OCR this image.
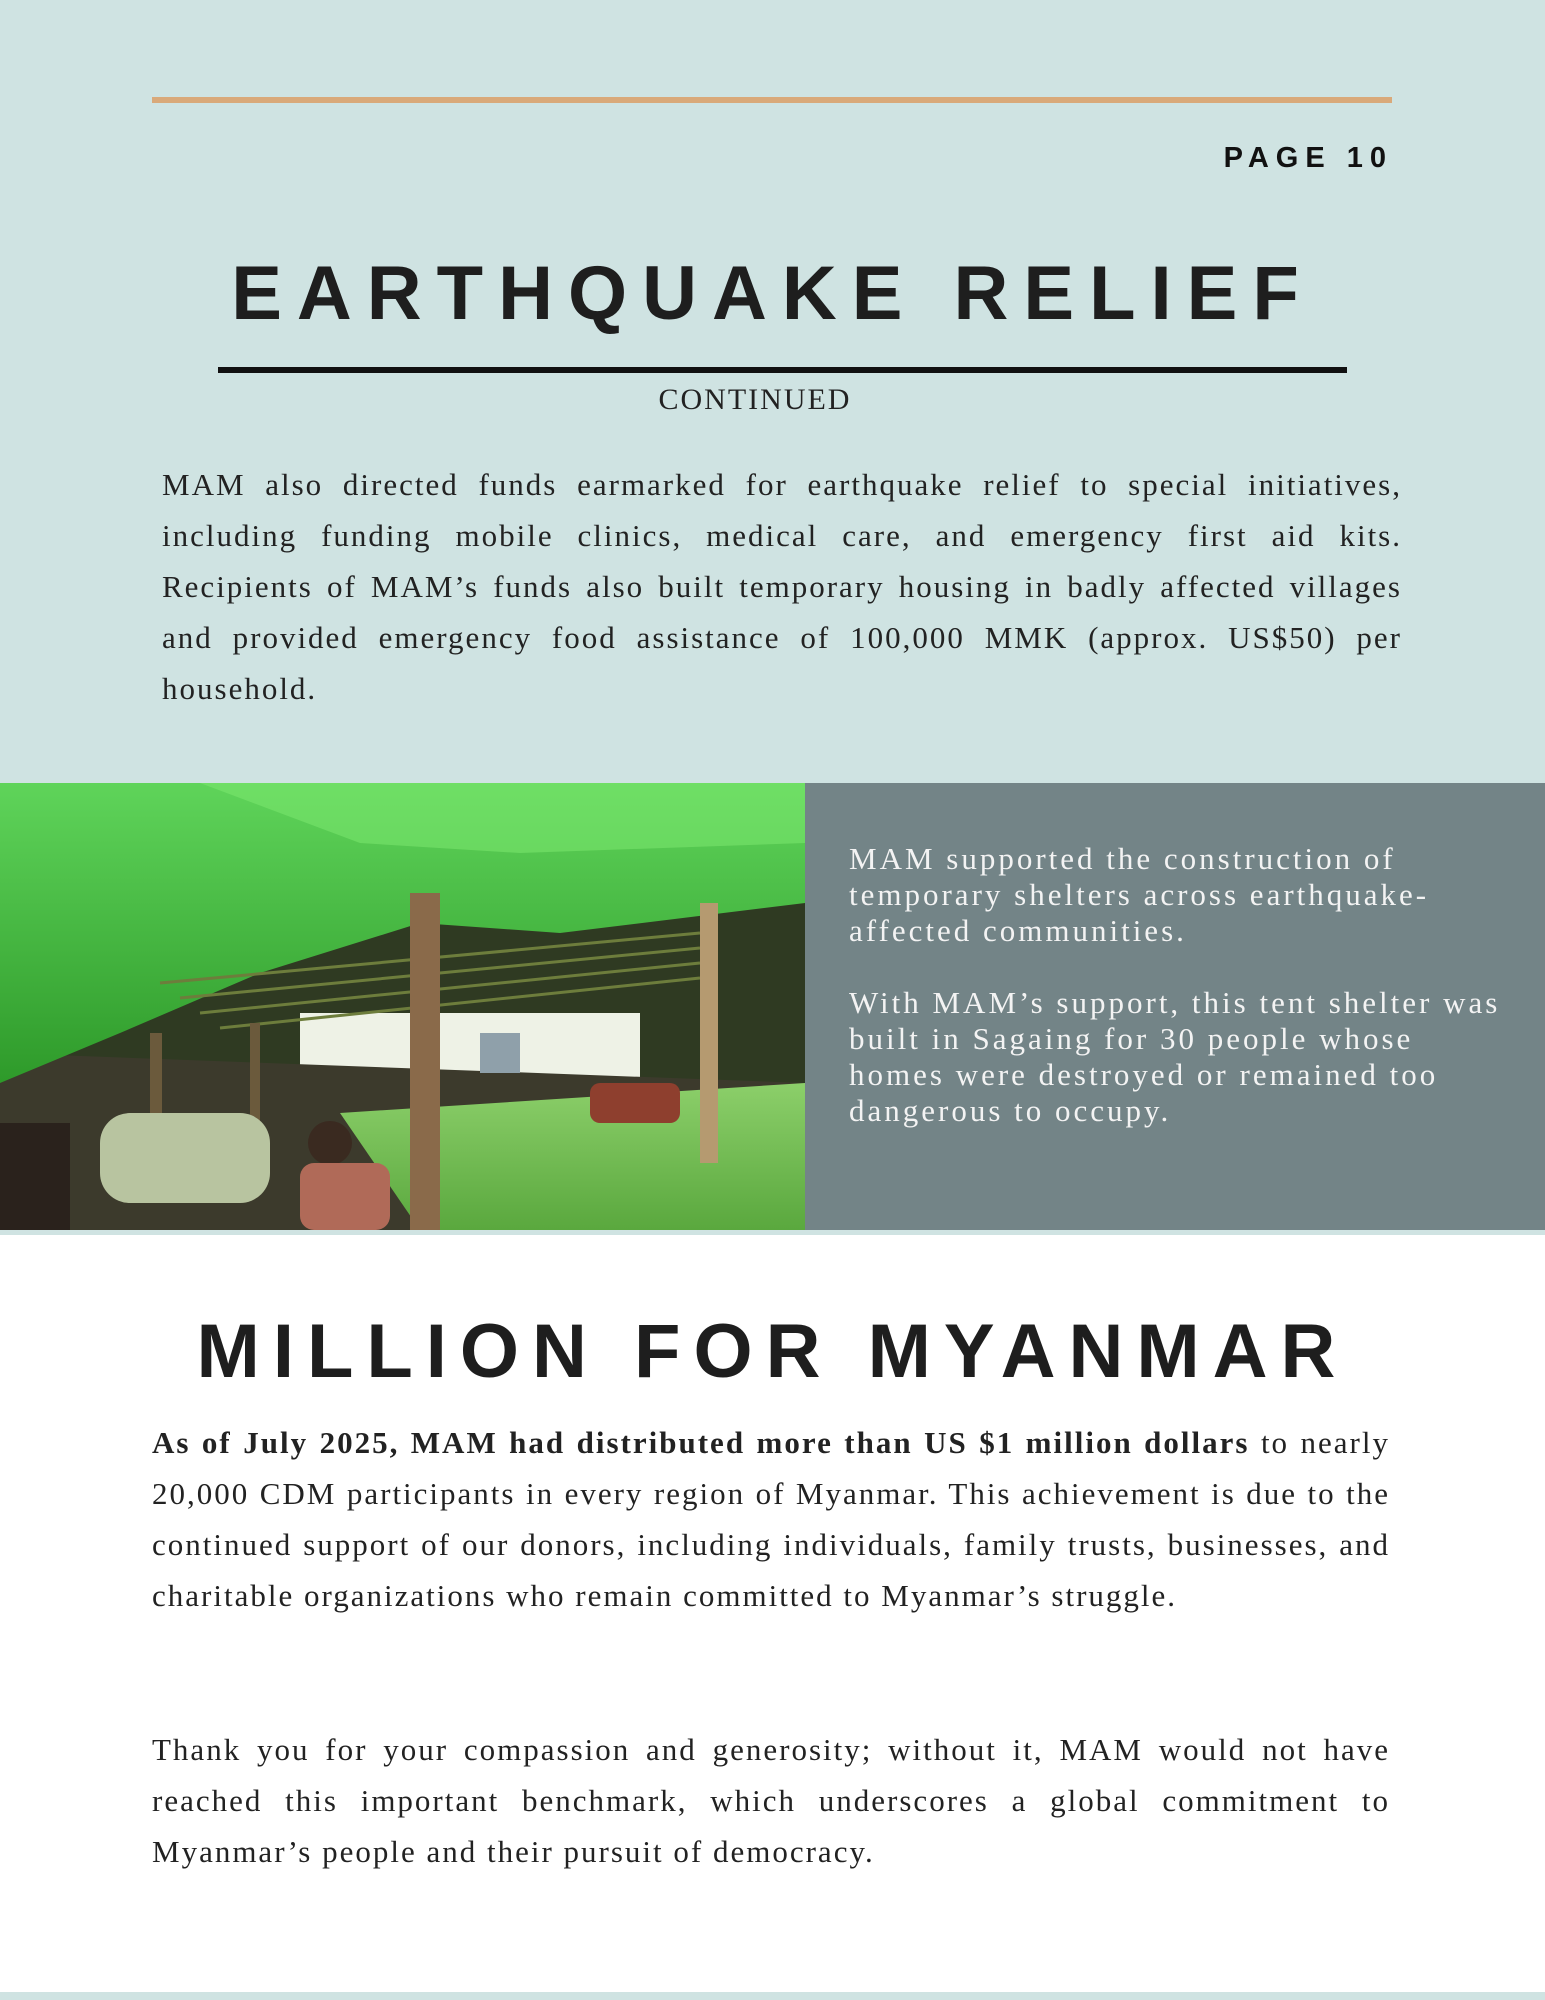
PAGE 10
EARTHQUAKE RELIEF
CONTINUED
MAM also directed funds earmarked for earthquake relief to special initiatives, including funding mobile clinics, medical care, and emergency first aid kits. Recipients of MAM’s funds also built temporary housing in badly affected villages and provided emergency food assistance of 100,000 MMK (approx. US$50) per household.
MAM supported the construction of temporary shelters across earthquake-affected communities.
With MAM’s support, this tent shelter was built in Sagaing for 30 people whose homes were destroyed or remained too dangerous to occupy.
MILLION FOR MYANMAR
As of July 2025, MAM had distributed more than US $1 million dollars to nearly 20,000 CDM participants in every region of Myanmar. This achievement is due to the continued support of our donors, including individuals, family trusts, businesses, and charitable organizations who remain committed to Myanmar’s struggle.
Thank you for your compassion and generosity; without it, MAM would not have reached this important benchmark, which underscores a global commitment to Myanmar’s people and their pursuit of democracy.
